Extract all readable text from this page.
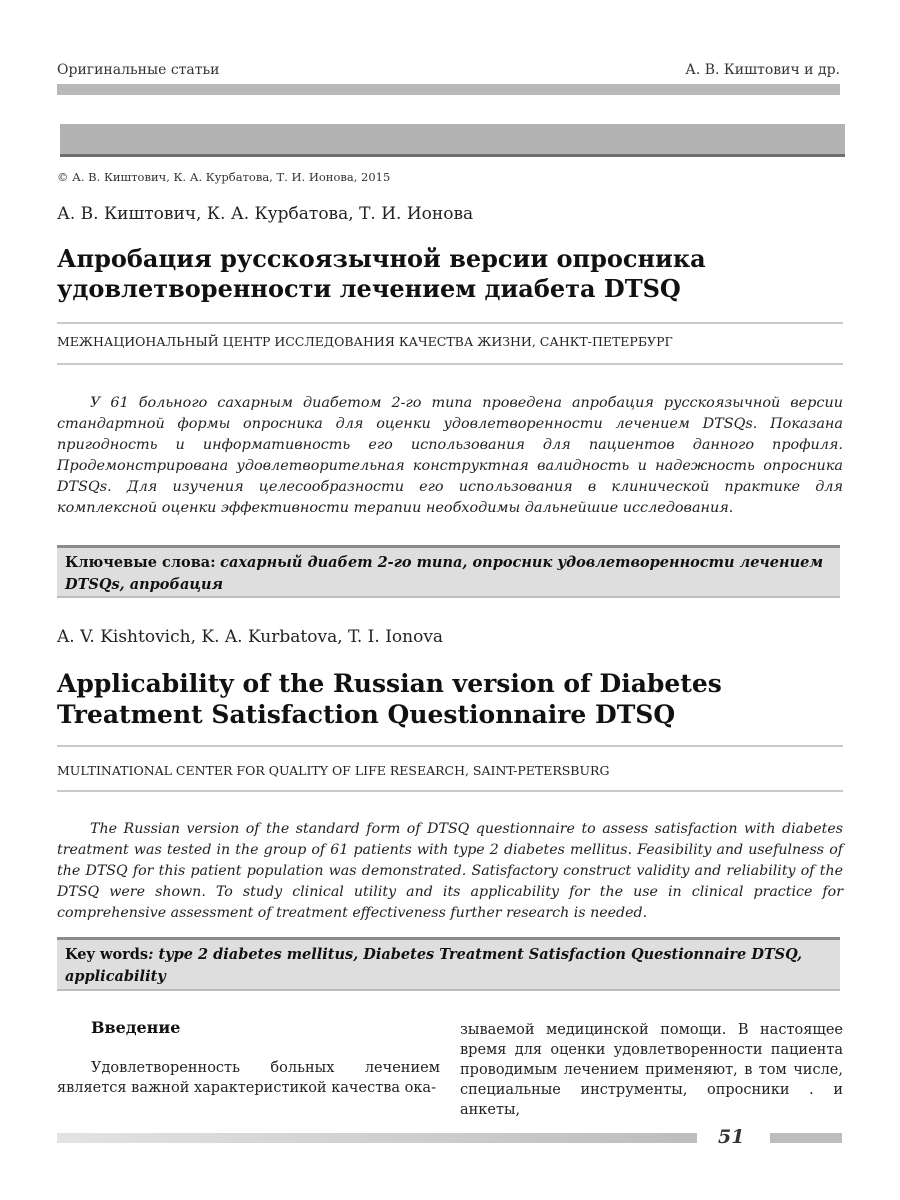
Оригинальные статьи	А. В. Киштович и др.
© А. В. Киштович, К. А. Курбатова, Т. И. Ионова, 2015
А. В. Киштович, К. А. Курбатова, Т. И. Ионова
Апробация русскоязычной версии опросника
удовлетворенности лечением диабета DTSQ
МЕЖНАЦИОНАЛЬНЫЙ ЦЕНТР ИССЛЕДОВАНИЯ КАЧЕСТВА ЖИЗНИ, САНКТ-ПЕТЕРБУРГ
У 61 больного сахарным диабетом 2-го типа проведена апробация русскоязычной версии стандартной формы опросника для оценки удовлетворенности лечением DTSQs. Показана пригодность и информативность его использования для пациентов данного профиля. Продемонстрирована удовлетворительная конструктная валидность и надежность опросника DTSQs. Для изучения целесообразности его использования в клинической практике для комплексной оценки эффективности терапии необходимы дальнейшие исследования.
Ключевые слова: сахарный диабет 2-го типа, опросник удовлетворенности лечением DTSQs, апробация
A. V. Kishtovich, K. A. Kurbatova, T. I. Ionova
Applicability of the Russian version of Diabetes
Treatment Satisfaction Questionnaire DTSQ
MULTINATIONAL CENTER FOR QUALITY OF LIFE RESEARCH, SAINT-PETERSBURG
The Russian version of the standard form of DTSQ questionnaire to assess satisfaction with diabetes treatment was tested in the group of 61 patients with type 2 diabetes mellitus. Feasibility and usefulness of the DTSQ for this patient population was demonstrated. Satisfactory construct validity and reliability of the DTSQ were shown. To study clinical utility and its applicability for the use in clinical practice for comprehensive assessment of treatment effectiveness further research is needed.
Key words: type 2 diabetes mellitus, Diabetes Treatment Satisfaction Questionnaire DTSQ, applicability
Введение
Удовлетворенность больных лечением является важной характеристикой качества ока-
зываемой медицинской помощи. В настоящее время для оценки удовлетворенности пациента проводимым лечением применяют, в том числе, специальные инструменты, опросники . и анкеты,
51
